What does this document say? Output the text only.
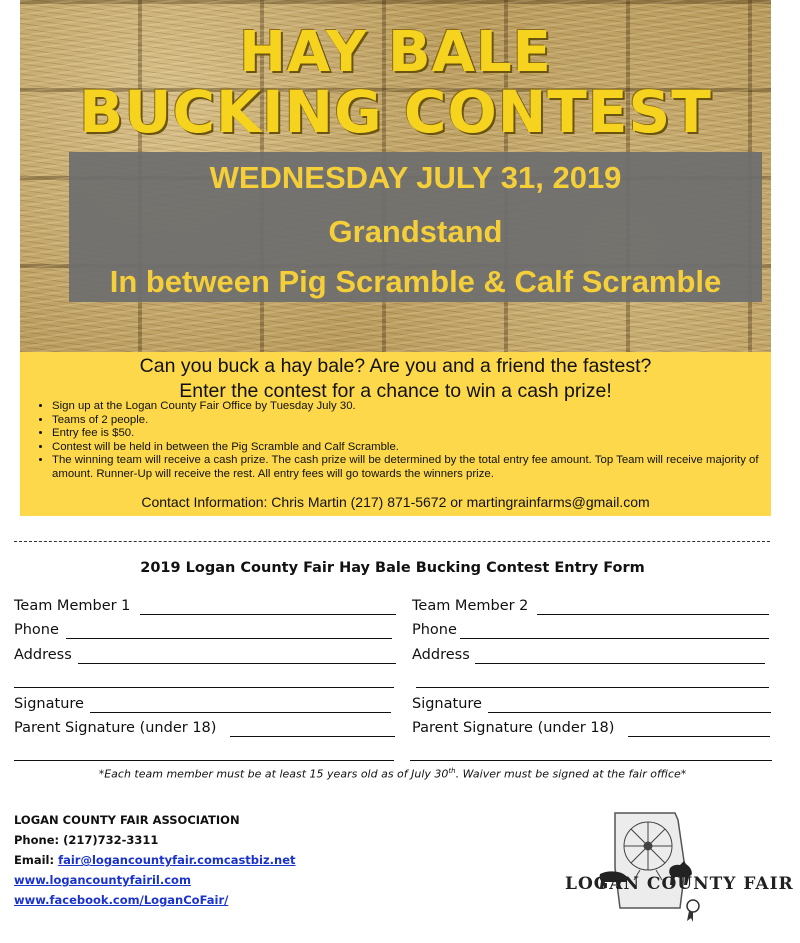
HAY BALE
BUCKING CONTEST
WEDNESDAY JULY 31, 2019
Grandstand
In between Pig Scramble & Calf Scramble
Can you buck a hay bale? Are you and a friend the fastest?
Enter the contest for a chance to win a cash prize!
• Sign up at the Logan County Fair Office by Tuesday July 30.
• Teams of 2 people.
• Entry fee is $50.
• Contest will be held in between the Pig Scramble and Calf Scramble.
• The winning team will receive a cash prize. The cash prize will be determined by the total entry fee amount. Top Team will receive majority of amount. Runner-Up will receive the rest. All entry fees will go towards the winners prize.
Contact Information: Chris Martin (217) 871-5672 or martingrainfarms@gmail.com
2019 Logan County Fair Hay Bale Bucking Contest Entry Form
Team Member 1
Phone
Address
Signature
Parent Signature (under 18)
Team Member 2
Phone
Address
Signature
Parent Signature (under 18)
*Each team member must be at least 15 years old as of July 30th. Waiver must be signed at the fair office*
LOGAN COUNTY FAIR ASSOCIATION
Phone: (217)732-3311
Email: fair@logancountyfair.comcastbiz.net
www.logancountyfairil.com
www.facebook.com/LoganCoFair/
LOGAN COUNTY FAIR
